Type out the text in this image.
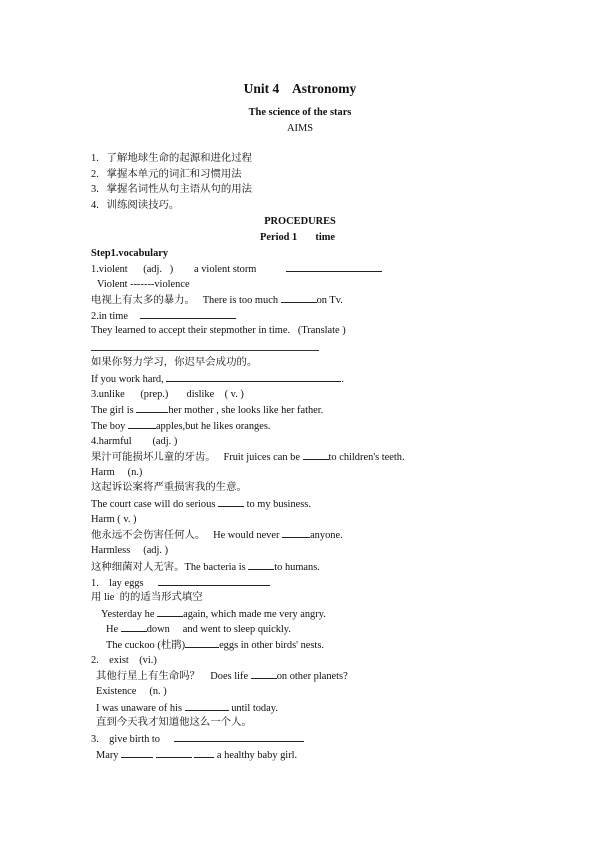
Unit 4    Astronomy
The science of the stars
AIMS
1.   了解地球生命的起源和进化过程
2.   掌握本单元的词汇和习惯用法
3.   掌握名词性从句主语从句的用法
4.   训练阅读技巧。
PROCEDURES
Period 1       time
Step1.vocabulary
1.violent      (adj.   )        a violent storm
Violent -------violence
电视上有太多的暴力。   There is too much	on Tv.
2.in time
They learned to accept their stepmother in time.   (Translate )
如果你努力学习，你迟早会成功的。
If you work hard,	.
3.unlike      (prep.)       dislike    ( v. )
The girl is	her mother , she looks like her father.
The boy	apples,but he likes oranges.
4.harmful        (adj. )
果汁可能损坏儿童的牙齿。   Fruit juices can be	to children's teeth.
Harm     (n.)
这起诉讼案将严重损害我的生意。
The court case will do serious	to my business.
Harm ( v. )
他永远不会伤害任何人。   He would never	anyone.
Harmless     (adj. )
这种细菌对人无害。The bacteria is	to humans.
1.    lay eggs
用 lie  的的适当形式填空
Yesterday he	again, which made me very angry.
He	down     and went to sleep quickly.
The cuckoo (杜鹃)	eggs in other birds' nests.
2.    exist    (vi.)
其他行星上有生命吗？    Does life	on other planets?
Existence     (n. )
I was unaware of his	until today.
直到今天我才知道他这么一个人。
3.    give birth to
Mary	a healthy baby girl.
